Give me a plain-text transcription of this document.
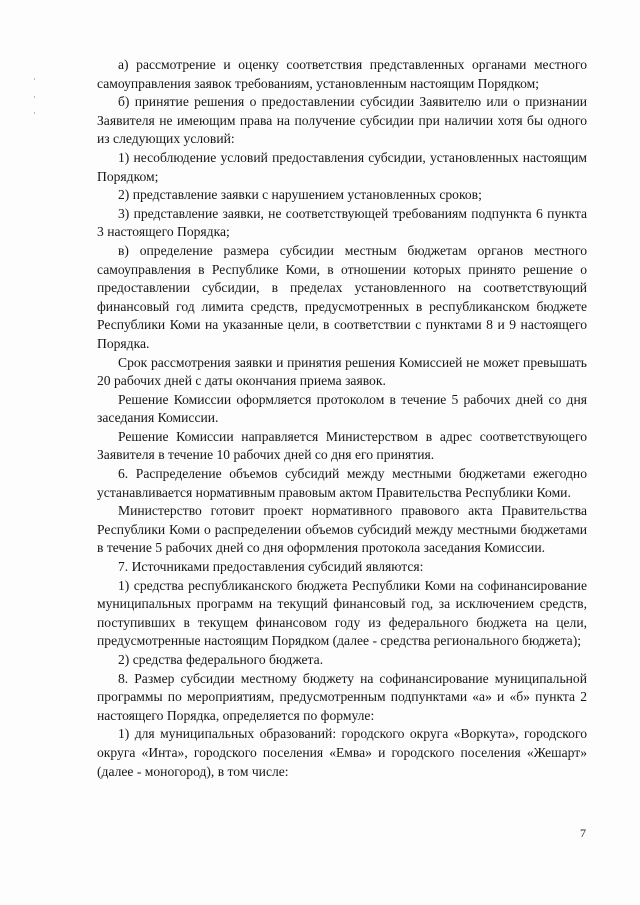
а) рассмотрение и оценку соответствия представленных органами местного самоуправления заявок требованиям, установленным настоящим Порядком;

б) принятие решения о предоставлении субсидии Заявителю или о признании Заявителя не имеющим права на получение субсидии при наличии хотя бы одного из следующих условий:

1) несоблюдение условий предоставления субсидии, установленных настоящим Порядком;

2) представление заявки с нарушением установленных сроков;

3) представление заявки, не соответствующей требованиям подпункта 6 пункта 3 настоящего Порядка;

в) определение размера субсидии местным бюджетам органов местного самоуправления в Республике Коми, в отношении которых принято решение о предоставлении субсидии, в пределах установленного на соответствующий финансовый год лимита средств, предусмотренных в республиканском бюджете Республики Коми на указанные цели, в соответствии с пунктами 8 и 9 настоящего Порядка.

Срок рассмотрения заявки и принятия решения Комиссией не может превышать 20 рабочих дней с даты окончания приема заявок.

Решение Комиссии оформляется протоколом в течение 5 рабочих дней со дня заседания Комиссии.

Решение Комиссии направляется Министерством в адрес соответствующего Заявителя в течение 10 рабочих дней со дня его принятия.

6. Распределение объемов субсидий между местными бюджетами ежегодно устанавливается нормативным правовым актом Правительства Республики Коми.

Министерство готовит проект нормативного правового акта Правительства Республики Коми о распределении объемов субсидий между местными бюджетами в течение 5 рабочих дней со дня оформления протокола заседания Комиссии.

7. Источниками предоставления субсидий являются:

1) средства республиканского бюджета Республики Коми на софинансирование муниципальных программ на текущий финансовый год, за исключением средств, поступивших в текущем финансовом году из федерального бюджета на цели, предусмотренные настоящим Порядком (далее - средства регионального бюджета);

2) средства федерального бюджета.

8. Размер субсидии местному бюджету на софинансирование муниципальной программы по мероприятиям, предусмотренным подпунктами «а» и «б» пункта 2 настоящего Порядка, определяется по формуле:

1) для муниципальных образований: городского округа «Воркута», городского округа «Инта», городского поселения «Емва» и городского поселения «Жешарт» (далее - моногород), в том числе:

7
